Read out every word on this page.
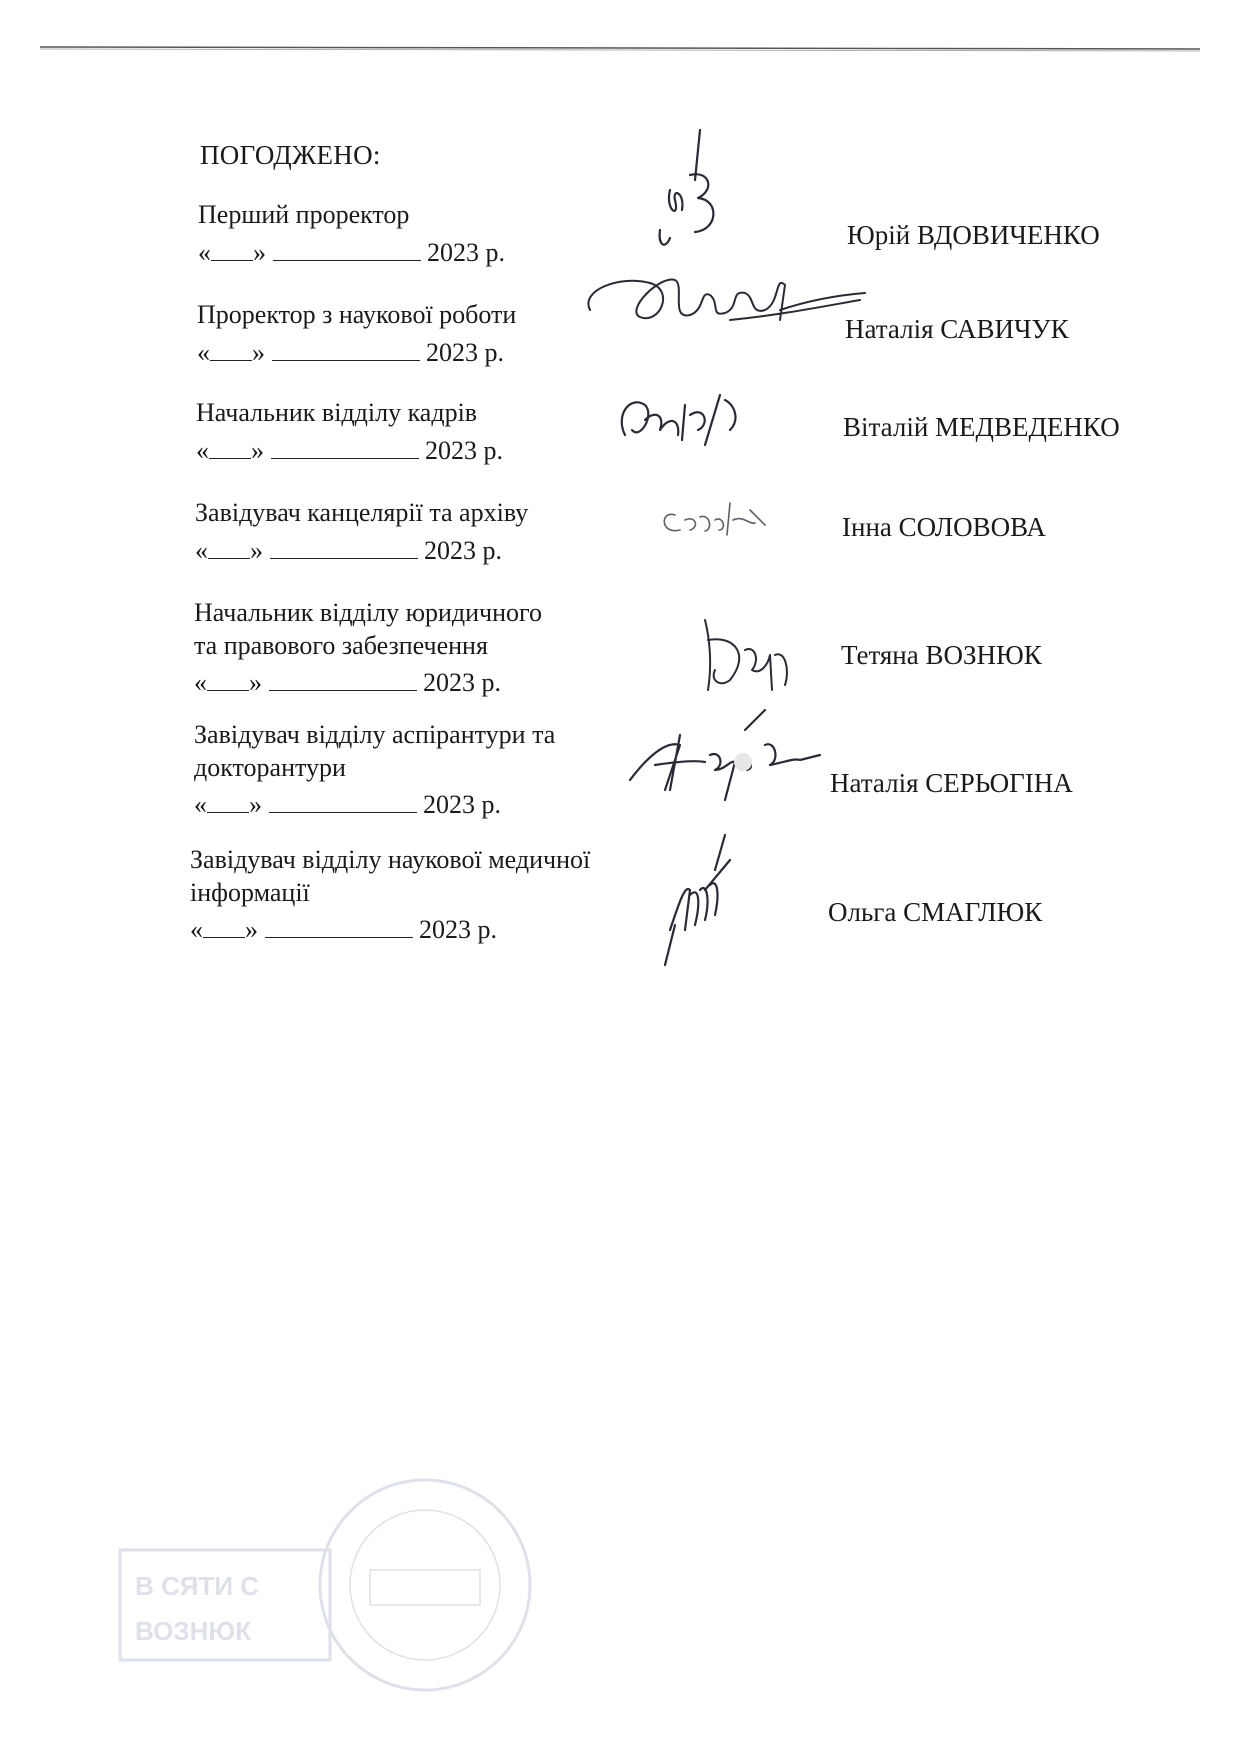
ПОГОДЖЕНО:
Перший проректор
« »	2023 р.
Юрій ВДОВИЧЕНКО
Проректор з наукової роботи
« »	2023 р.
Наталія САВИЧУК
Начальник відділу кадрів
« »	2023 р.
Віталій МЕДВЕДЕНКО
Завідувач канцелярії та архіву
« »	2023 р.
Інна СОЛОВОВА
Начальник відділу юридичного
та правового забезпечення
« »	2023 р.
Тетяна ВОЗНЮК
Завідувач відділу аспірантури та
докторантури
« »	2023 р.
Наталія СЕРЬОГІНА
Завідувач відділу наукової медичної
інформації
« »	2023 р.
Ольга СМАГЛЮК
B CЯТИ C
ВОЗНЮК
